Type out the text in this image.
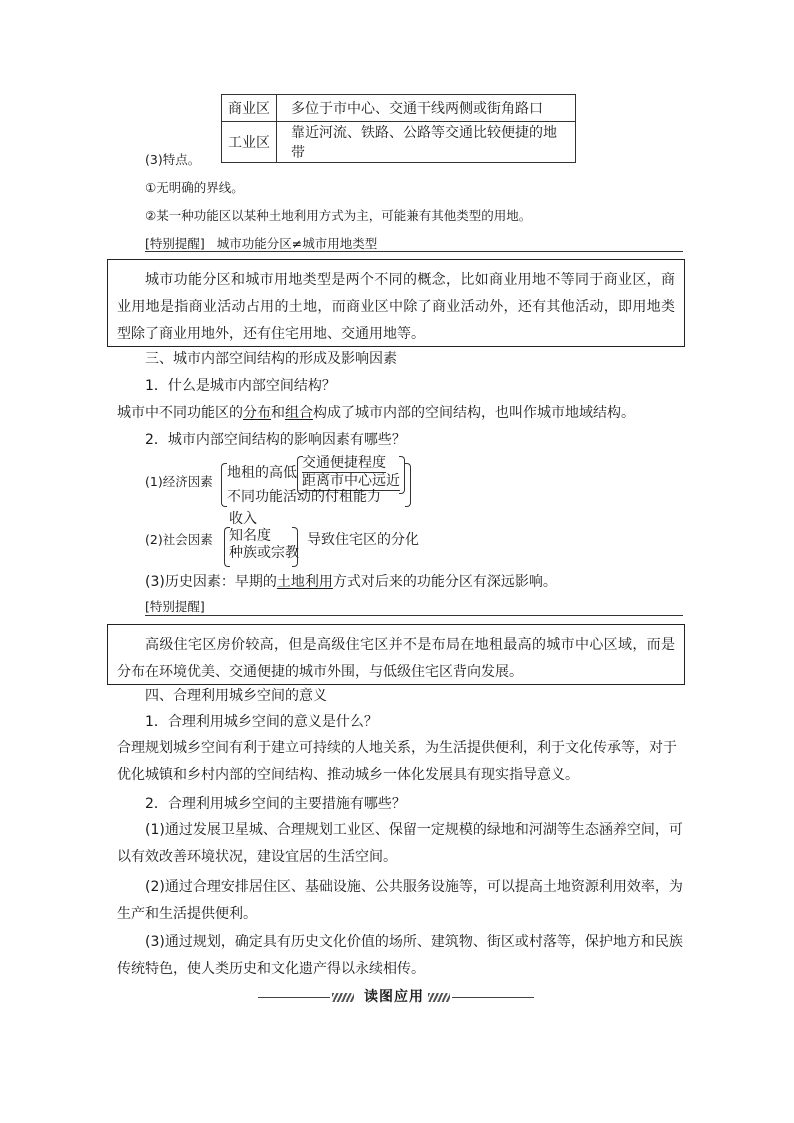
商业区	多位于市中心、交通干线两侧或街角路口
工业区	靠近河流、铁路、公路等交通比较便捷的地带
(3)特点。
①无明确的界线。
②某一种功能区以某种土地利用方式为主，可能兼有其他类型的用地。
[特别提醒] 城市功能分区≠城市用地类型
城市功能分区和城市用地类型是两个不同的概念，比如商业用地不等同于商业区，商业用地是指商业活动占用的土地，而商业区中除了商业活动外，还有其他活动，即用地类型除了商业用地外，还有住宅用地、交通用地等。
三、城市内部空间结构的形成及影响因素
1．什么是城市内部空间结构？
城市中不同功能区的分布和组合构成了城市内部的空间结构，也叫作城市地域结构。
2．城市内部空间结构的影响因素有哪些？
(1)经济因素
地租的高低
交通便捷程度
距离市中心远近
不同功能活动的付租能力
(2)社会因素
收入
知名度
种族或宗教
导致住宅区的分化
(3)历史因素：早期的土地利用方式对后来的功能分区有深远影响。
[特别提醒]
高级住宅区房价较高，但是高级住宅区并不是布局在地租最高的城市中心区域，而是分布在环境优美、交通便捷的城市外围，与低级住宅区背向发展。
四、合理利用城乡空间的意义
1．合理利用城乡空间的意义是什么？
合理规划城乡空间有利于建立可持续的人地关系，为生活提供便利，利于文化传承等，对于优化城镇和乡村内部的空间结构、推动城乡一体化发展具有现实指导意义。
2．合理利用城乡空间的主要措施有哪些？
(1)通过发展卫星城、合理规划工业区、保留一定规模的绿地和河湖等生态涵养空间，可以有效改善环境状况，建设宜居的生活空间。
(2)通过合理安排居住区、基础设施、公共服务设施等，可以提高土地资源利用效率，为生产和生活提供便利。
(3)通过规划，确定具有历史文化价值的场所、建筑物、街区或村落等，保护地方和民族传统特色，使人类历史和文化遗产得以永续相传。
读图应用
